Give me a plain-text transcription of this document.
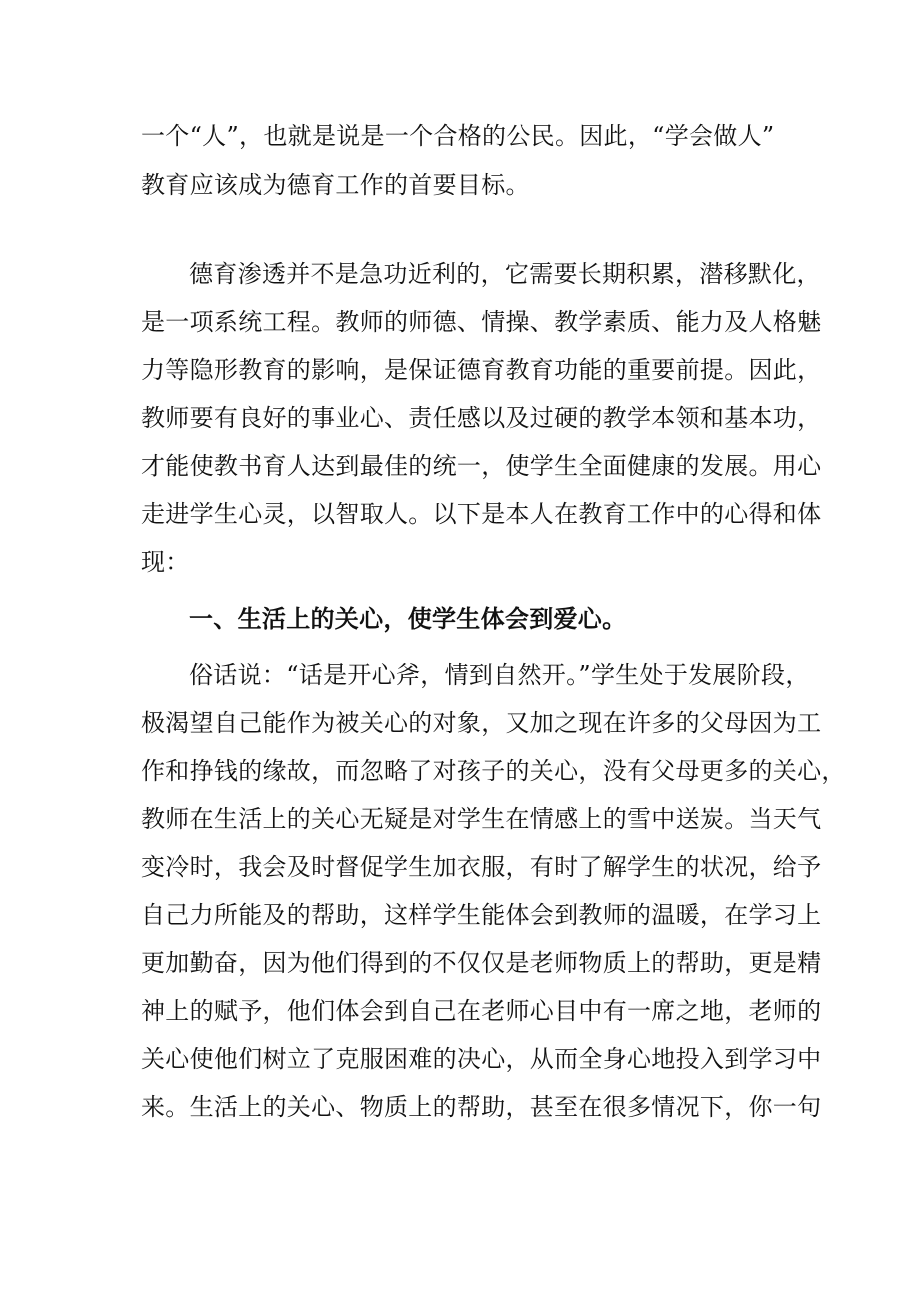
一个“人”，也就是说是一个合格的公民。因此，“学会做人”
教育应该成为德育工作的首要目标。
德育渗透并不是急功近利的，它需要长期积累，潜移默化，
是一项系统工程。教师的师德、情操、教学素质、能力及人格魅
力等隐形教育的影响，是保证德育教育功能的重要前提。因此，
教师要有良好的事业心、责任感以及过硬的教学本领和基本功，
才能使教书育人达到最佳的统一，使学生全面健康的发展。用心
走进学生心灵，以智取人。以下是本人在教育工作中的心得和体
现：
一、生活上的关心，使学生体会到爱心。
俗话说：“话是开心斧，情到自然开。”学生处于发展阶段，
极渴望自己能作为被关心的对象，又加之现在许多的父母因为工
作和挣钱的缘故，而忽略了对孩子的关心，没有父母更多的关心，
教师在生活上的关心无疑是对学生在情感上的雪中送炭。当天气
变冷时，我会及时督促学生加衣服，有时了解学生的状况，给予
自己力所能及的帮助，这样学生能体会到教师的温暖，在学习上
更加勤奋，因为他们得到的不仅仅是老师物质上的帮助，更是精
神上的赋予，他们体会到自己在老师心目中有一席之地，老师的
关心使他们树立了克服困难的决心，从而全身心地投入到学习中
来。生活上的关心、物质上的帮助，甚至在很多情况下，你一句
